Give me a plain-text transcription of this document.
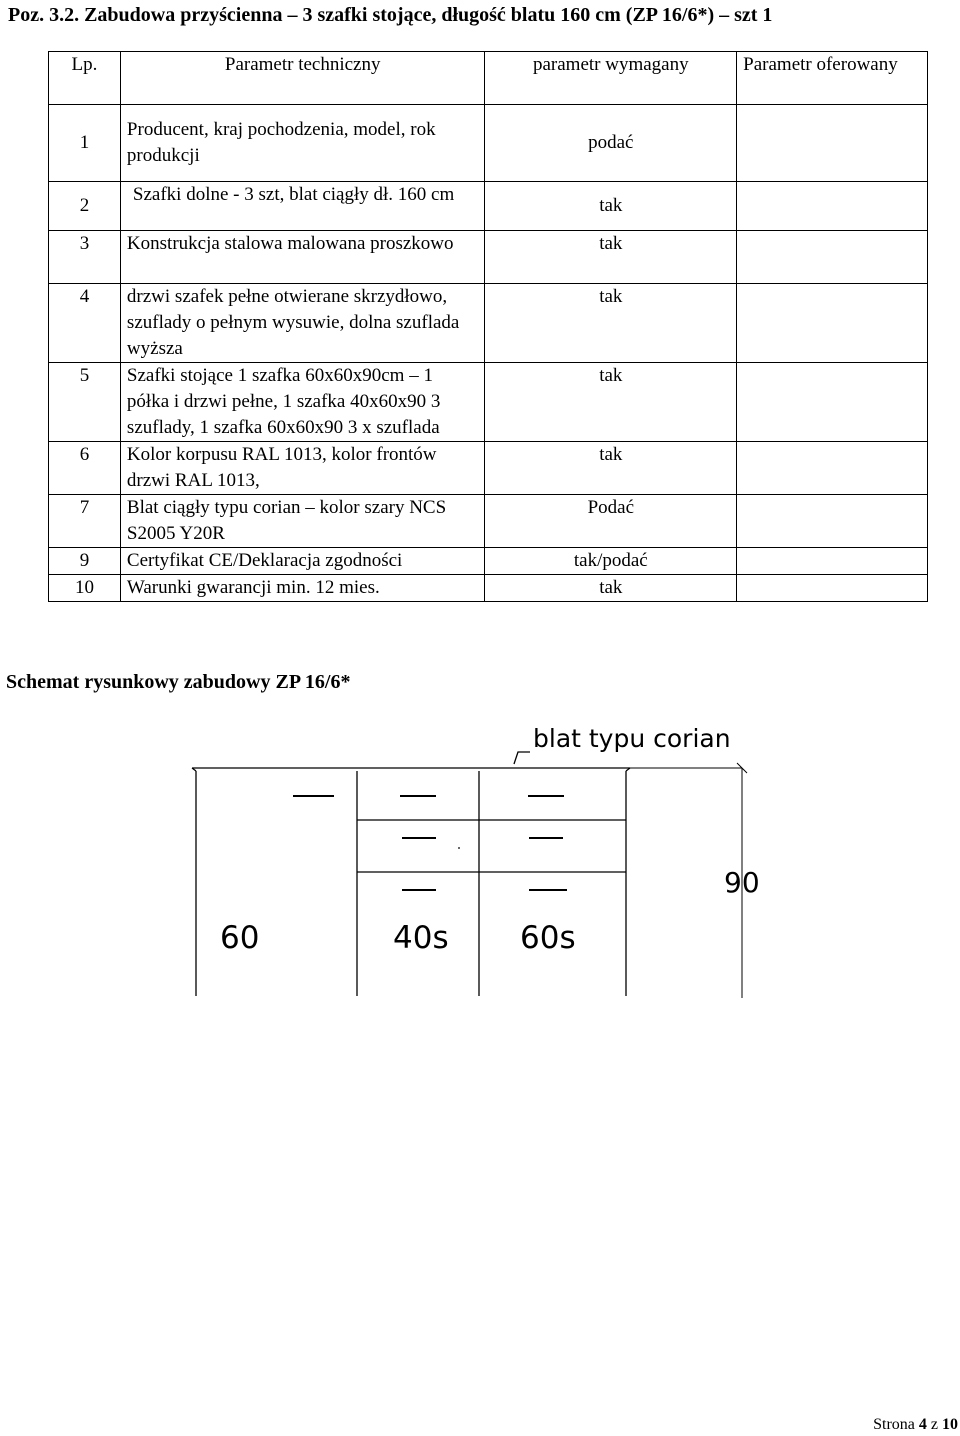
Poz. 3.2. Zabudowa przyścienna – 3 szafki stojące, długość blatu 160 cm (ZP 16/6*) – szt 1
Lp.	Parametr techniczny	parametr wymagany	Parametr oferowany
1	Producent, kraj pochodzenia, model, rok produkcji	podać	
2	Szafki dolne - 3 szt, blat ciągły dł. 160 cm	tak	
3	Konstrukcja stalowa malowana proszkowo	tak	
4	drzwi szafek pełne otwierane skrzydłowo, szuflady o pełnym wysuwie, dolna szuflada wyższa	tak	
5	Szafki stojące 1 szafka 60x60x90cm – 1 półka i drzwi pełne, 1 szafka 40x60x90 3 szuflady, 1 szafka 60x60x90 3 x szuflada	tak	
6	Kolor korpusu RAL 1013, kolor frontów drzwi RAL 1013,	tak	
7	Blat ciągły typu corian – kolor szary NCS S2005 Y20R	Podać	
9	Certyfikat CE/Deklaracja zgodności	tak/podać	
10	Warunki gwarancji min. 12 mies.	tak	
Schemat rysunkowy zabudowy ZP 16/6*
blat typu corian
90
60	40s 60s
Strona 4 z 10
